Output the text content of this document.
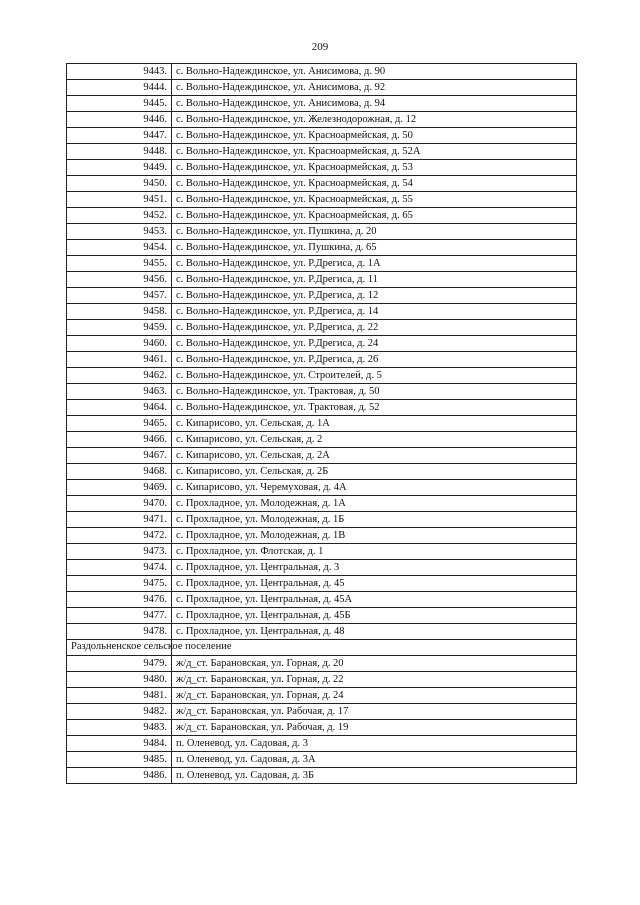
209
9443.	с. Вольно-Надеждинское, ул. Анисимова, д. 90
9444.	с. Вольно-Надеждинское, ул. Анисимова, д. 92
9445.	с. Вольно-Надеждинское, ул. Анисимова, д. 94
9446.	с. Вольно-Надеждинское, ул. Железнодорожная, д. 12
9447.	с. Вольно-Надеждинское, ул. Красноармейская, д. 50
9448.	с. Вольно-Надеждинское, ул. Красноармейская, д. 52А
9449.	с. Вольно-Надеждинское, ул. Красноармейская, д. 53
9450.	с. Вольно-Надеждинское, ул. Красноармейская, д. 54
9451.	с. Вольно-Надеждинское, ул. Красноармейская, д. 55
9452.	с. Вольно-Надеждинское, ул. Красноармейская, д. 65
9453.	с. Вольно-Надеждинское, ул. Пушкина, д. 20
9454.	с. Вольно-Надеждинское, ул. Пушкина, д. 65
9455.	с. Вольно-Надеждинское, ул. Р.Дрегиса, д. 1А
9456.	с. Вольно-Надеждинское, ул. Р.Дрегиса, д. 11
9457.	с. Вольно-Надеждинское, ул. Р.Дрегиса, д. 12
9458.	с. Вольно-Надеждинское, ул. Р.Дрегиса, д. 14
9459.	с. Вольно-Надеждинское, ул. Р.Дрегиса, д. 22
9460.	с. Вольно-Надеждинское, ул. Р.Дрегиса, д. 24
9461.	с. Вольно-Надеждинское, ул. Р.Дрегиса, д. 26
9462.	с. Вольно-Надеждинское, ул. Строителей, д. 5
9463.	с. Вольно-Надеждинское, ул. Трактовая, д. 50
9464.	с. Вольно-Надеждинское, ул. Трактовая, д. 52
9465.	с. Кипарисово, ул. Сельская, д. 1А
9466.	с. Кипарисово, ул. Сельская, д. 2
9467.	с. Кипарисово, ул. Сельская, д. 2А
9468.	с. Кипарисово, ул. Сельская, д. 2Б
9469.	с. Кипарисово, ул. Черемуховая, д. 4А
9470.	с. Прохладное, ул. Молодежная, д. 1А
9471.	с. Прохладное, ул. Молодежная, д. 1Б
9472.	с. Прохладное, ул. Молодежная, д. 1В
9473.	с. Прохладное, ул. Флотская, д. 1
9474.	с. Прохладное, ул. Центральная, д. 3
9475.	с. Прохладное, ул. Центральная, д. 45
9476.	с. Прохладное, ул. Центральная, д. 45А
9477.	с. Прохладное, ул. Центральная, д. 45Б
9478.	с. Прохладное, ул. Центральная, д. 48
Раздольненское сельское поселение	
9479.	ж/д_ст. Барановская, ул. Горная, д. 20
9480.	ж/д_ст. Барановская, ул. Горная, д. 22
9481.	ж/д_ст. Барановская, ул. Горная, д. 24
9482.	ж/д_ст. Барановская, ул. Рабочая, д. 17
9483.	ж/д_ст. Барановская, ул. Рабочая, д. 19
9484.	п. Оленевод, ул. Садовая, д. 3
9485.	п. Оленевод, ул. Садовая, д. 3А
9486.	п. Оленевод, ул. Садовая, д. 3Б
